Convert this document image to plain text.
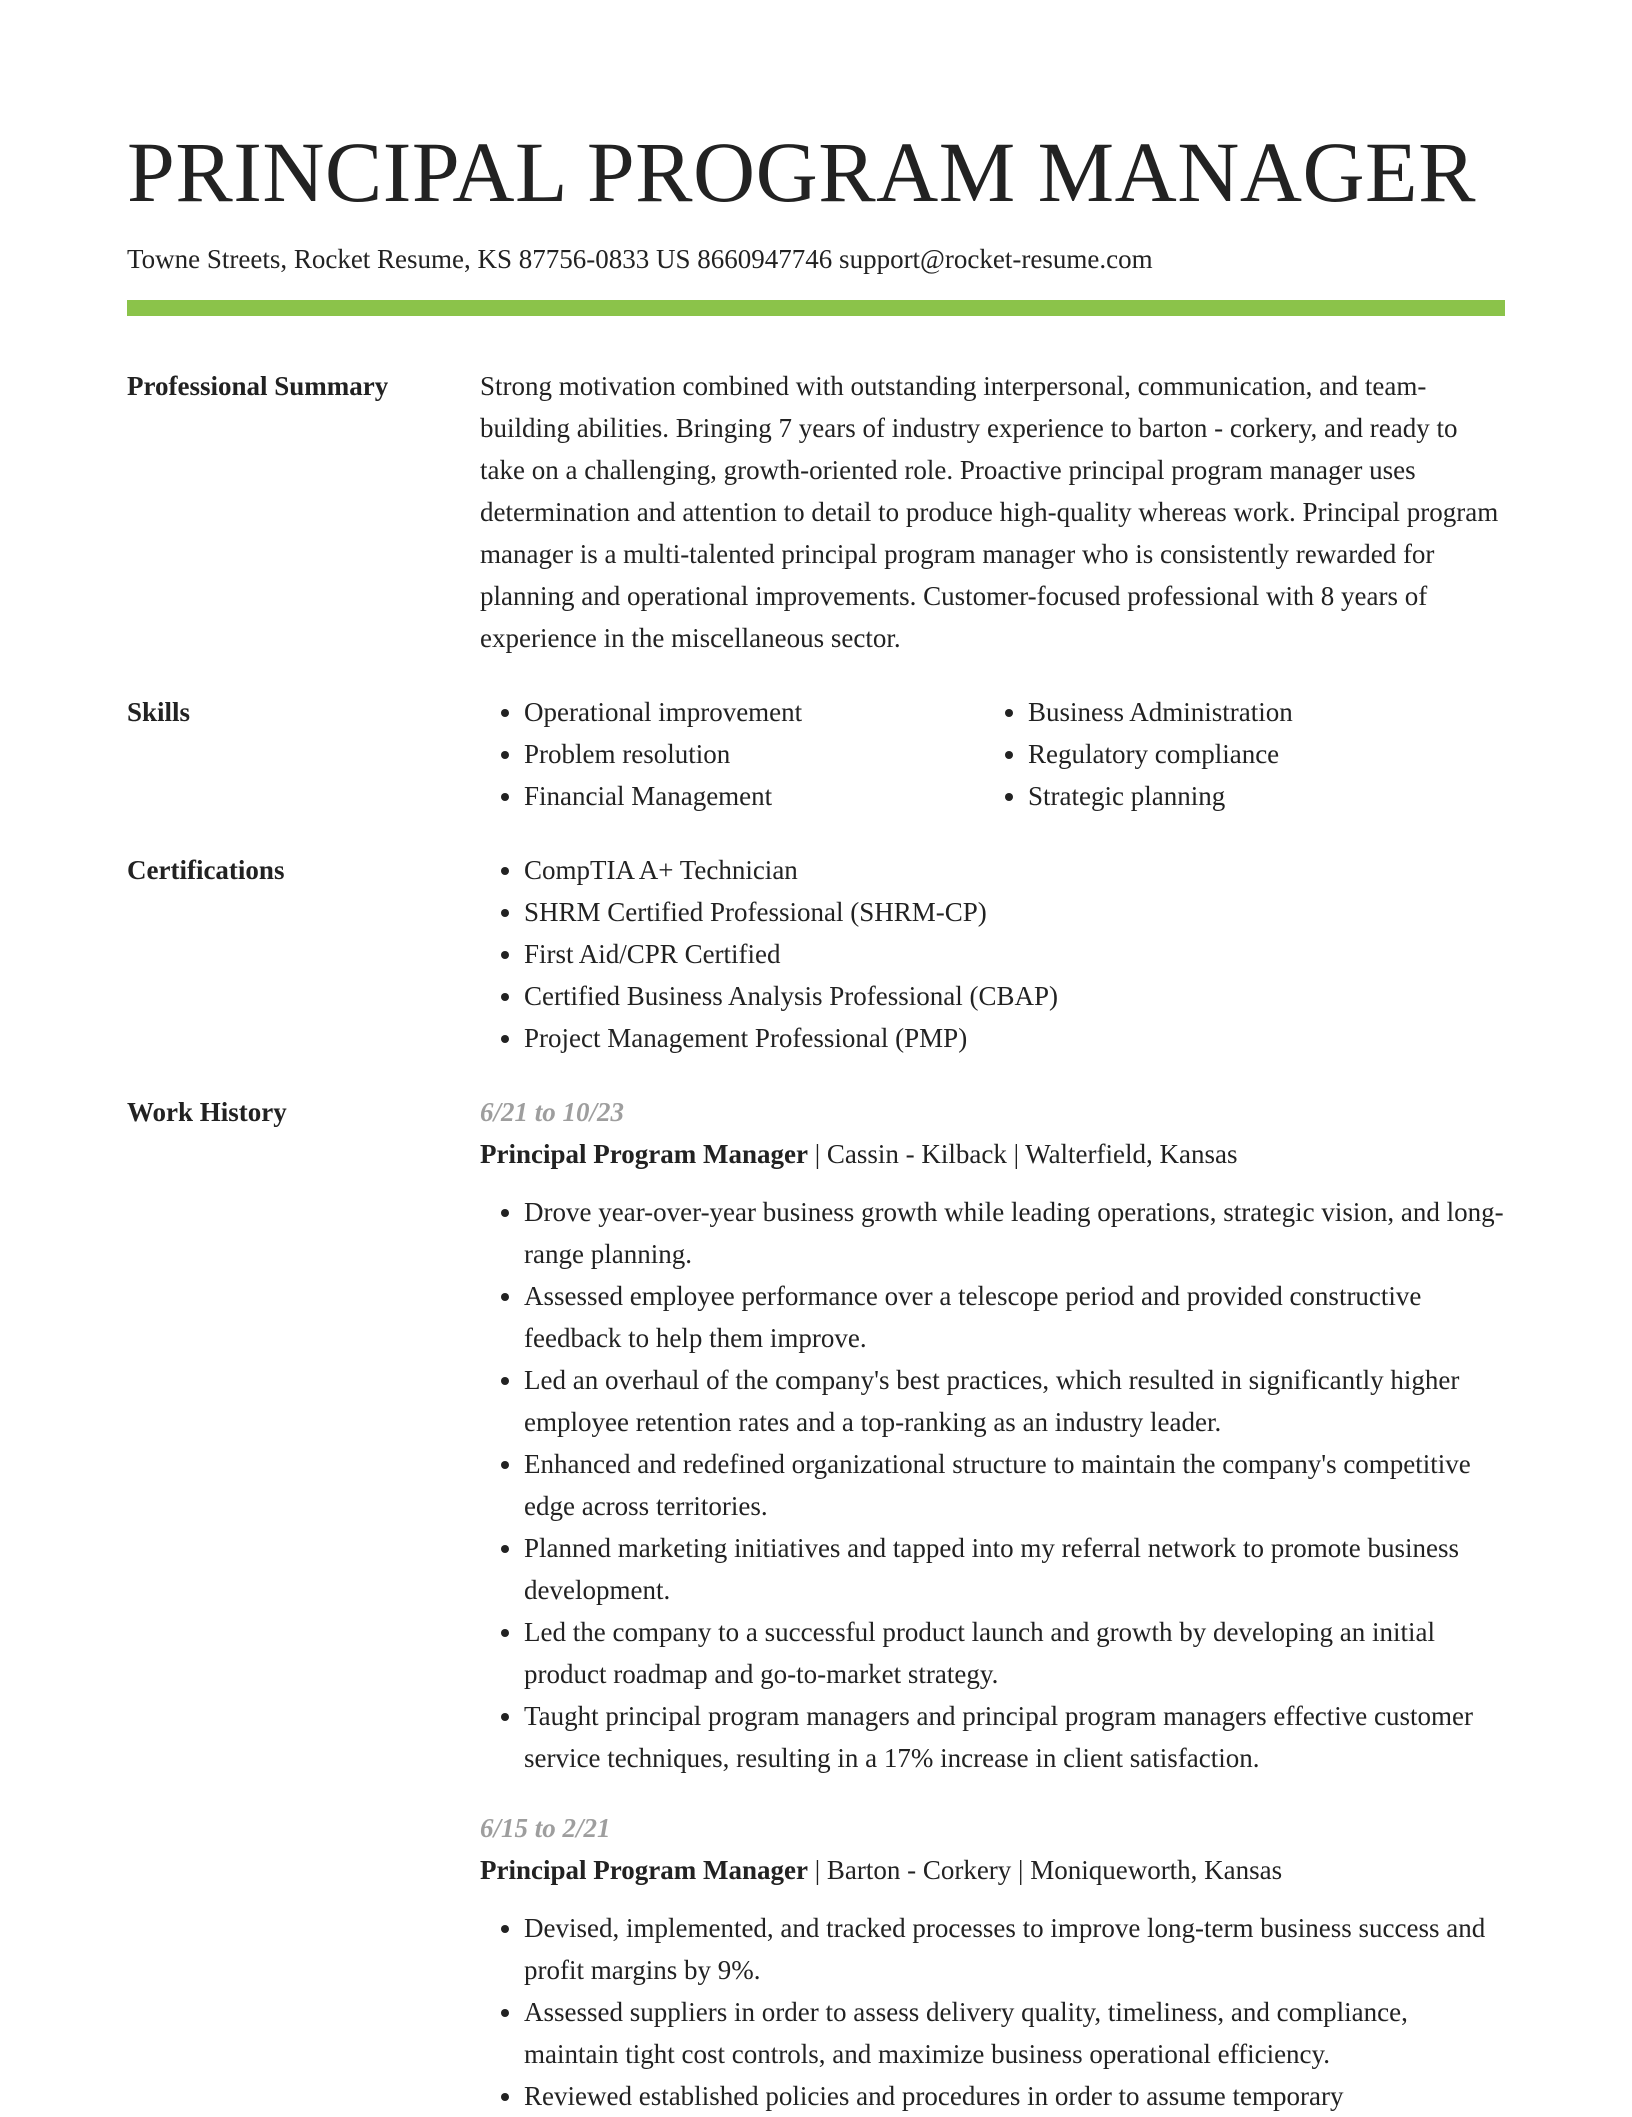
PRINCIPAL PROGRAM MANAGER
Towne Streets, Rocket Resume, KS 87756-0833 US 8660947746 support@rocket-resume.com
Professional Summary	Strong motivation combined with outstanding interpersonal, communication, and team-building abilities. Bringing 7 years of industry experience to barton - corkery, and ready to take on a challenging, growth-oriented role. Proactive principal program manager uses determination and attention to detail to produce high-quality whereas work. Principal program manager is a multi-talented principal program manager who is consistently rewarded for planning and operational improvements. Customer-focused professional with 8 years of experience in the miscellaneous sector.
Skills	• Operational improvement
• Problem resolution
• Financial Management
• Business Administration
• Regulatory compliance
• Strategic planning
Certifications	• CompTIA A+ Technician
• SHRM Certified Professional (SHRM-CP)
• First Aid/CPR Certified
• Certified Business Analysis Professional (CBAP)
• Project Management Professional (PMP)
Work History	6/21 to 10/23
Principal Program Manager | Cassin - Kilback | Walterfield, Kansas
• Drove year-over-year business growth while leading operations, strategic vision, and long-range planning.
• Assessed employee performance over a telescope period and provided constructive feedback to help them improve.
• Led an overhaul of the company's best practices, which resulted in significantly higher employee retention rates and a top-ranking as an industry leader.
• Enhanced and redefined organizational structure to maintain the company's competitive edge across territories.
• Planned marketing initiatives and tapped into my referral network to promote business development.
• Led the company to a successful product launch and growth by developing an initial product roadmap and go-to-market strategy.
• Taught principal program managers and principal program managers effective customer service techniques, resulting in a 17% increase in client satisfaction.
6/15 to 2/21
Principal Program Manager | Barton - Corkery | Moniqueworth, Kansas
• Devised, implemented, and tracked processes to improve long-term business success and profit margins by 9%.
• Assessed suppliers in order to assess delivery quality, timeliness, and compliance, maintain tight cost controls, and maximize business operational efficiency.
• Reviewed established policies and procedures in order to assume temporary
